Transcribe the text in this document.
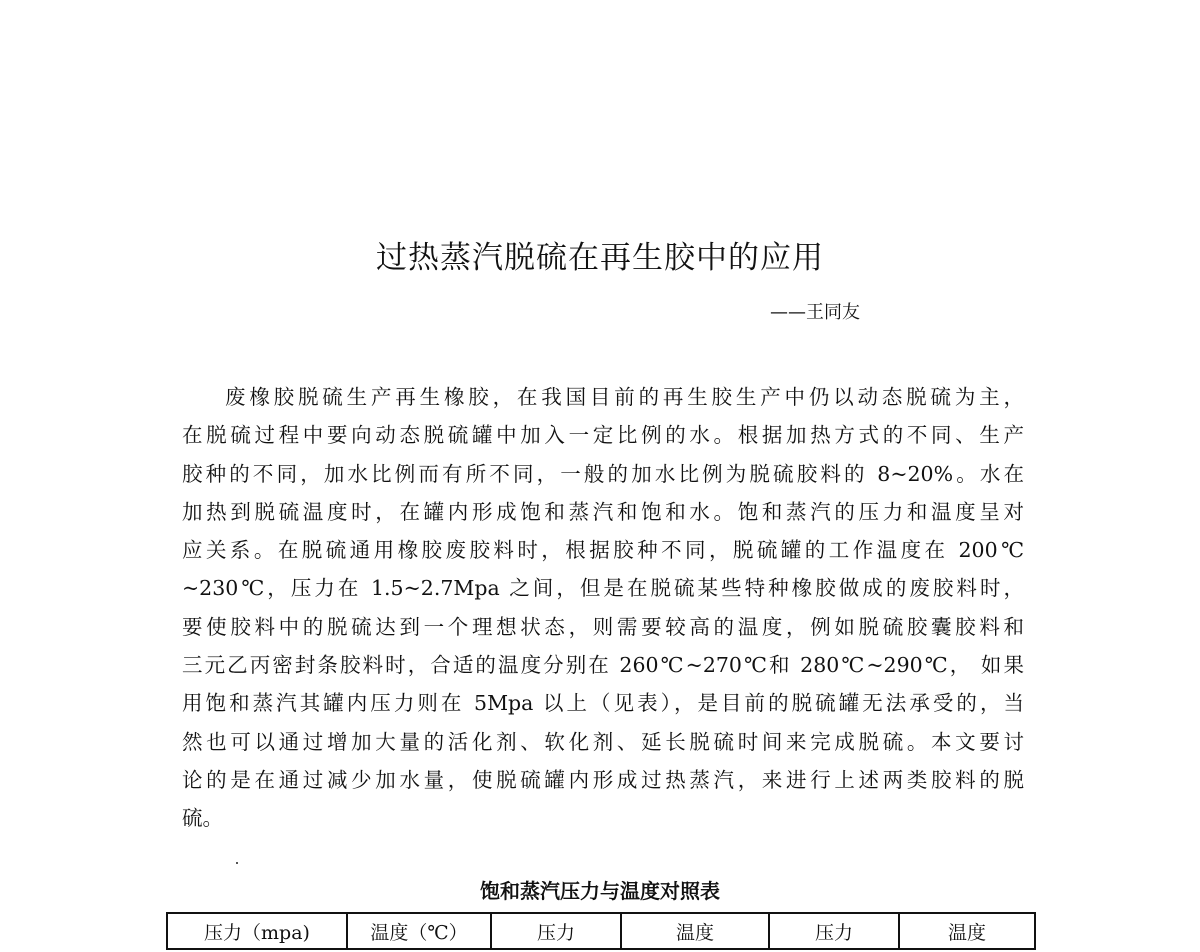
过热蒸汽脱硫在再生胶中的应用
——王同友
废橡胶脱硫生产再生橡胶，在我国目前的再生胶生产中仍以动态脱硫为主，
在脱硫过程中要向动态脱硫罐中加入一定比例的水。根据加热方式的不同、生产
胶种的不同，加水比例而有所不同，一般的加水比例为脱硫胶料的 8~20%。水在
加热到脱硫温度时，在罐内形成饱和蒸汽和饱和水。饱和蒸汽的压力和温度呈对
应关系。在脱硫通用橡胶废胶料时，根据胶种不同，脱硫罐的工作温度在 200℃
~230℃，压力在 1.5~2.7Mpa 之间，但是在脱硫某些特种橡胶做成的废胶料时，
要使胶料中的脱硫达到一个理想状态，则需要较高的温度，例如脱硫胶囊胶料和
三元乙丙密封条胶料时，合适的温度分别在 260℃~270℃和 280℃~290℃， 如果
用饱和蒸汽其罐内压力则在 5Mpa 以上（见表），是目前的脱硫罐无法承受的，当
然也可以通过增加大量的活化剂、软化剂、延长脱硫时间来完成脱硫。本文要讨
论的是在通过减少加水量，使脱硫罐内形成过热蒸汽，来进行上述两类胶料的脱
硫。
饱和蒸汽压力与温度对照表
压力（mpa)	温度（℃）	压力	温度	压力	温度
